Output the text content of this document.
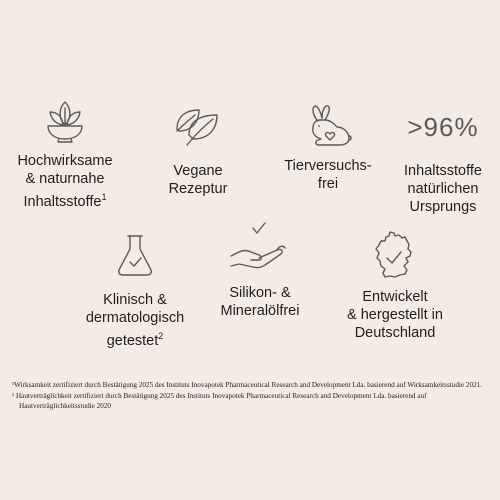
Hochwirksame
& naturnahe
Inhaltsstoffe$^1$
Vegane
Rezeptur
Tierversuchs-
frei
>96%
Inhaltsstoffe
natürlichen
Ursprungs
Klinisch &
dermatologisch
getestet$^2$
Silikon- &
Mineralölfrei
Entwickelt
& hergestellt in
Deutschland

¹Wirksamkeit zertifiziert durch Bestätigung 2025 des Instituts Inovapotek Pharmaceutical Research and Development Lda. basierend auf Wirksamkeitsstudie 2021.

² Hautverträglichkeit zertifiziert durch Bestätigung 2025 des Instituts Inovapotek Pharmaceutical Research and Development Lda. basierend auf Hautverträglichkeitsstudie 2020
